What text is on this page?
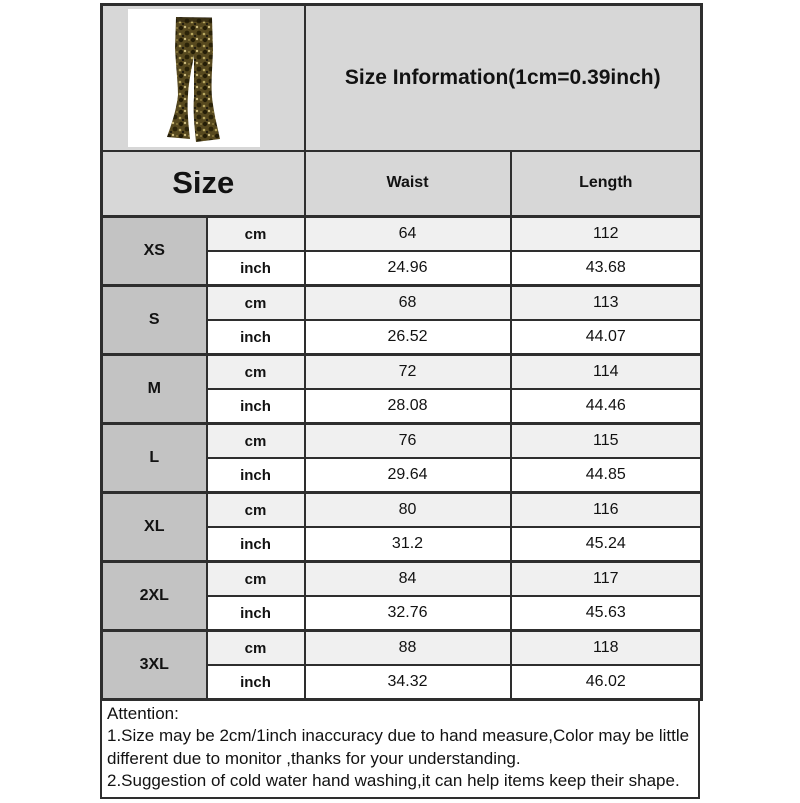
	Size Information(1cm=0.39inch)	
Size		Waist	Length
XS	cm	64	112
	inch	24.96	43.68
S	cm	68	113
	inch	26.52	44.07
M	cm	72	114
	inch	28.08	44.46
L	cm	76	115
	inch	29.64	44.85
XL	cm	80	116
	inch	31.2	45.24
2XL	cm	84	117
	inch	32.76	45.63
3XL	cm	88	118
	inch	34.32	46.02

Attention:

1.Size may be 2cm/1inch inaccuracy due to hand measure,Color may be little different due to monitor ,thanks for your understanding.

2.Suggestion of cold water hand washing,it can help items keep their shape.
